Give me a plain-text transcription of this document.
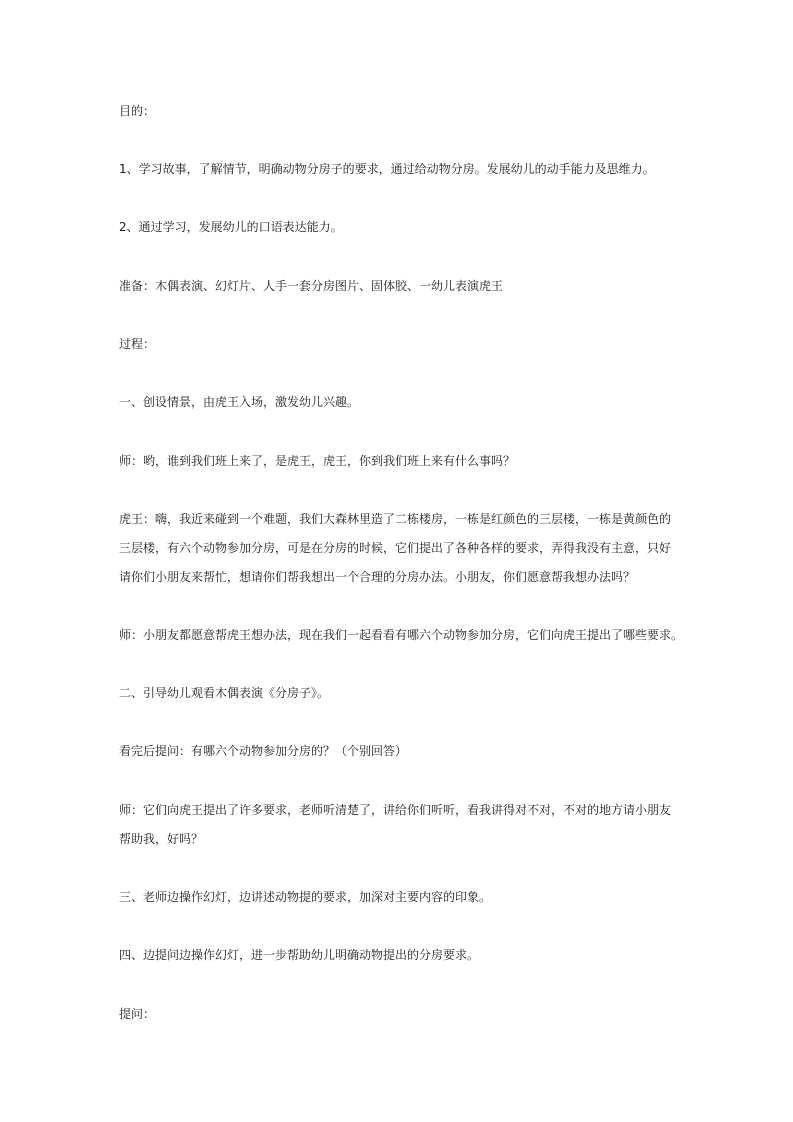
目的：
1、学习故事，了解情节，明确动物分房子的要求，通过给动物分房。发展幼儿的动手能力及思维力。
2、通过学习，发展幼儿的口语表达能力。
准备：木偶表演、幻灯片、人手一套分房图片、固体胶、一幼儿表演虎王
过程：
一、创设情景，由虎王入场，激发幼儿兴趣。
师：哟，谁到我们班上来了，是虎王，虎王，你到我们班上来有什么事吗？
虎王：嗨，我近来碰到一个难题，我们大森林里造了二栋楼房，一栋是红颜色的三层楼，一栋是黄颜色的
三层楼，有六个动物参加分房，可是在分房的时候，它们提出了各种各样的要求，弄得我没有主意，只好
请你们小朋友来帮忙，想请你们帮我想出一个合理的分房办法。小朋友，你们愿意帮我想办法吗？
师：小朋友都愿意帮虎王想办法，现在我们一起看看有哪六个动物参加分房，它们向虎王提出了哪些要求。
二、引导幼儿观看木偶表演《分房子》。
看完后提问：有哪六个动物参加分房的？（个别回答）
师：它们向虎王提出了许多要求，老师听清楚了，讲给你们听听，看我讲得对不对，不对的地方请小朋友
帮助我，好吗？
三、老师边操作幻灯，边讲述动物提的要求，加深对主要内容的印象。
四、边提问边操作幻灯，进一步帮助幼儿明确动物提出的分房要求。
提问：
